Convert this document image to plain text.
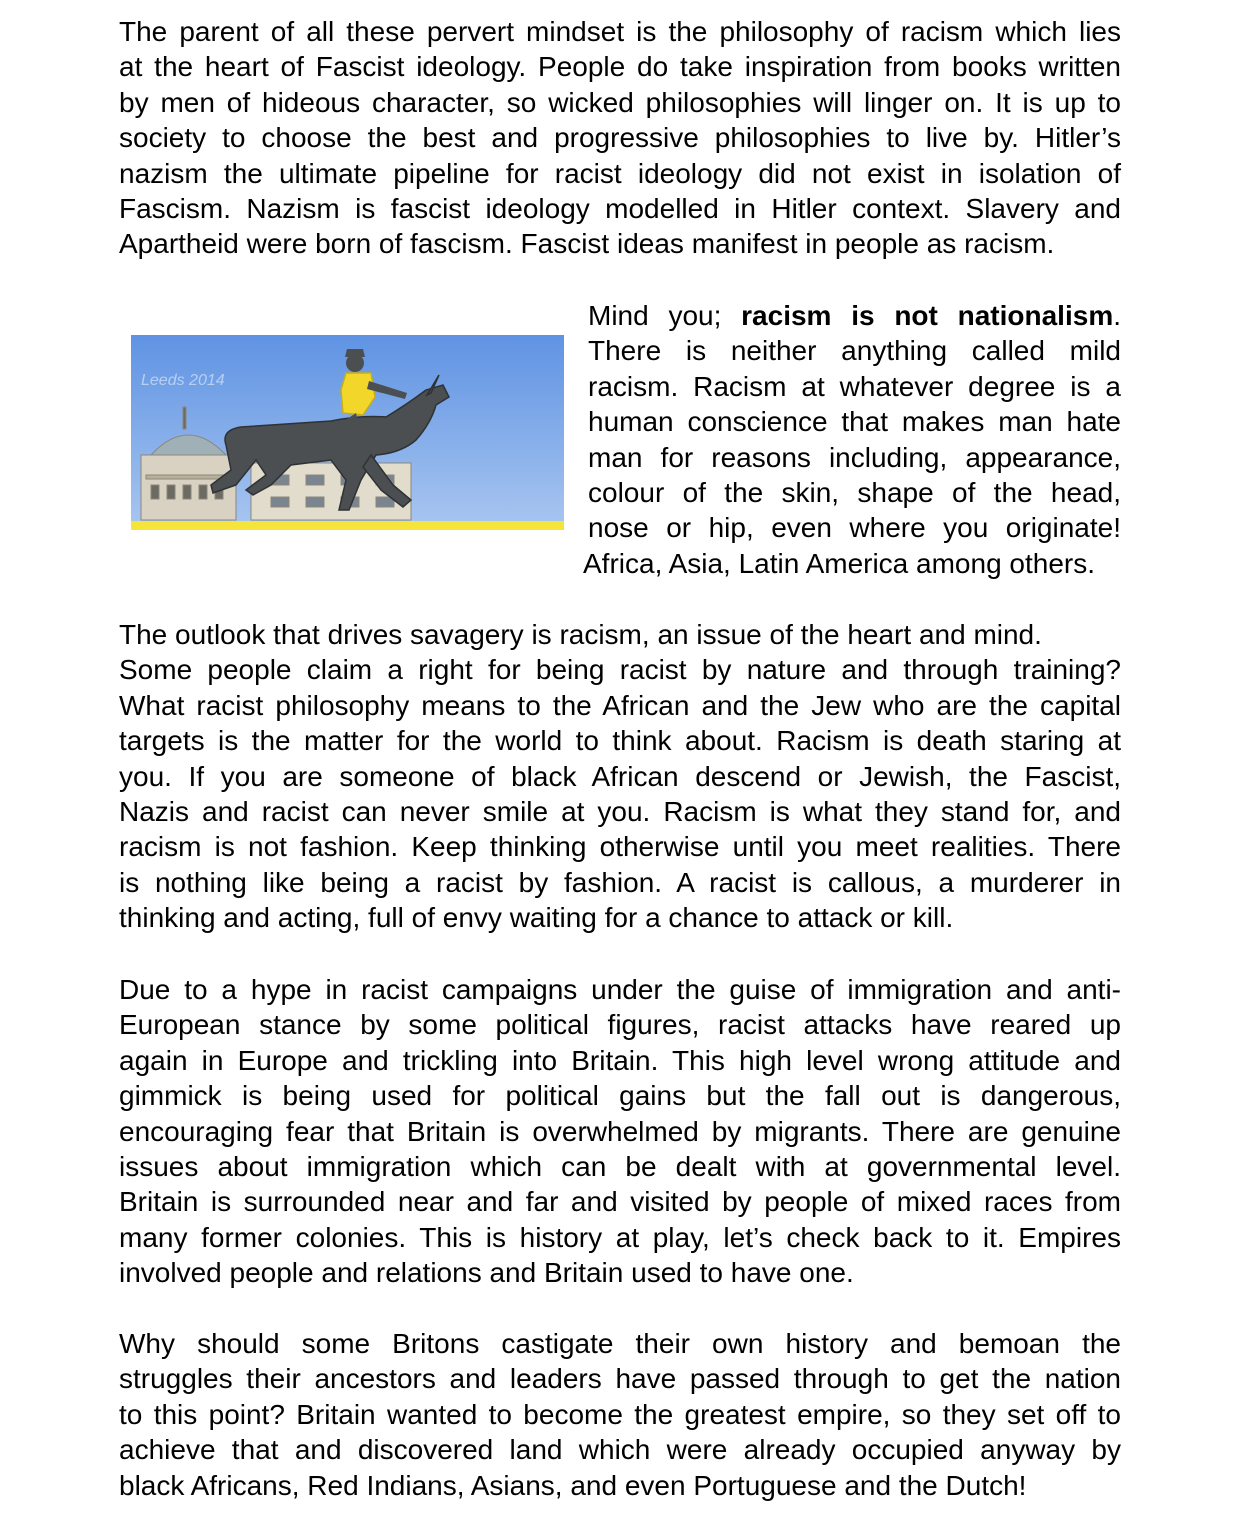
The parent of all these pervert mindset is the philosophy of racism which lies
at the heart of Fascist ideology. People do take inspiration from books written
by men of hideous character, so wicked philosophies will linger on. It is up to
society to choose the best and progressive philosophies to live by. Hitler’s
nazism the ultimate pipeline for racist ideology did not exist in isolation of
Fascism. Nazism is fascist ideology modelled in Hitler context. Slavery and
Apartheid were born of fascism. Fascist ideas manifest in people as racism.
Leeds 2014
Mind you; racism is not nationalism.
There is neither anything called mild
racism. Racism at whatever degree is a
human conscience that makes man hate
man for reasons including, appearance,
colour of the skin, shape of the head,
nose or hip, even where you originate!
Africa, Asia, Latin America among others.
The outlook that drives savagery is racism, an issue of the heart and mind.
Some people claim a right for being racist by nature and through training?
What racist philosophy means to the African and the Jew who are the capital
targets is the matter for the world to think about. Racism is death staring at
you. If you are someone of black African descend or Jewish, the Fascist,
Nazis and racist can never smile at you. Racism is what they stand for, and
racism is not fashion. Keep thinking otherwise until you meet realities. There
is nothing like being a racist by fashion. A racist is callous, a murderer in
thinking and acting, full of envy waiting for a chance to attack or kill.
Due to a hype in racist campaigns under the guise of immigration and anti-
European stance by some political figures, racist attacks have reared up
again in Europe and trickling into Britain. This high level wrong attitude and
gimmick is being used for political gains but the fall out is dangerous,
encouraging fear that Britain is overwhelmed by migrants. There are genuine
issues about immigration which can be dealt with at governmental level.
Britain is surrounded near and far and visited by people of mixed races from
many former colonies. This is history at play, let’s check back to it. Empires
involved people and relations and Britain used to have one.
Why should some Britons castigate their own history and bemoan the
struggles their ancestors and leaders have passed through to get the nation
to this point? Britain wanted to become the greatest empire, so they set off to
achieve that and discovered land which were already occupied anyway by
black Africans, Red Indians, Asians, and even Portuguese and the Dutch!
